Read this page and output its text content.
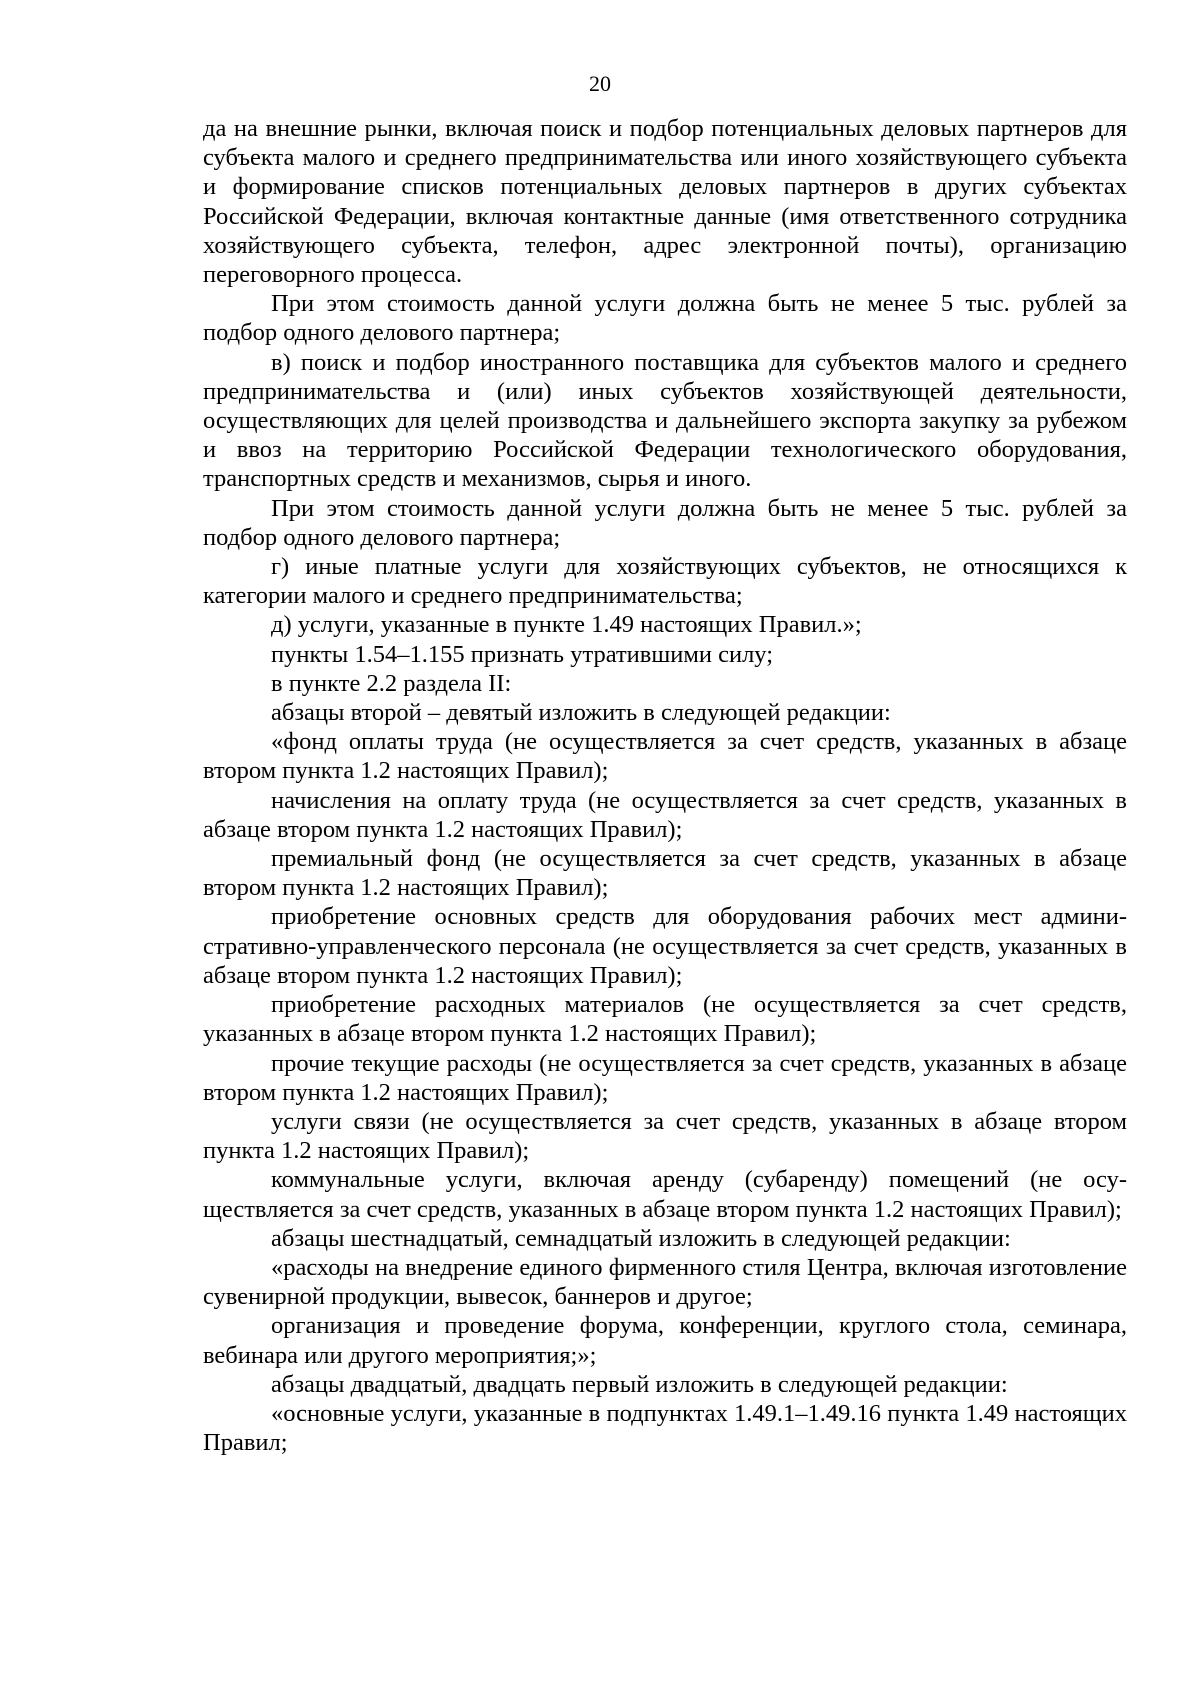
20

да на внешние рынки, включая поиск и подбор потенциальных деловых партнеров для субъекта малого и среднего предпринимательства или иного хозяйствующего субъекта и формирование списков потенциальных деловых партнеров в других субъектах Российской Федерации, включая контактные данные (имя ответственного сотрудника хозяйствующего субъекта, телефон, адрес электронной почты), организацию переговорного процесса.

При этом стоимость данной услуги должна быть не менее 5 тыс. рублей за подбор одного делового партнера;

в) поиск и подбор иностранного поставщика для субъектов малого и среднего предпринимательства и (или) иных субъектов хозяйствующей деятельности, осуществляющих для целей производства и дальнейшего экспорта закупку за рубежом и ввоз на территорию Российской Федерации технологического оборудования, транспортных средств и механизмов, сырья и иного.

При этом стоимость данной услуги должна быть не менее 5 тыс. рублей за подбор одного делового партнера;

г) иные платные услуги для хозяйствующих субъектов, не относящихся к категории малого и среднего предпринимательства;

д) услуги, указанные в пункте 1.49 настоящих Правил.»;

пункты 1.54–1.155 признать утратившими силу;

в пункте 2.2 раздела II:

абзацы второй – девятый изложить в следующей редакции:

«фонд оплаты труда (не осуществляется за счет средств, указанных в абзаце втором пункта 1.2 настоящих Правил);

начисления на оплату труда (не осуществляется за счет средств, указанных в абзаце втором пункта 1.2 настоящих Правил);

премиальный фонд (не осуществляется за счет средств, указанных в абзаце втором пункта 1.2 настоящих Правил);

приобретение основных средств для оборудования рабочих мест административно-управленческого персонала (не осуществляется за счет средств, указанных в абзаце втором пункта 1.2 настоящих Правил);

приобретение расходных материалов (не осуществляется за счет средств, указанных в абзаце втором пункта 1.2 настоящих Правил);

прочие текущие расходы (не осуществляется за счет средств, указанных в абзаце втором пункта 1.2 настоящих Правил);

услуги связи (не осуществляется за счет средств, указанных в абзаце втором пункта 1.2 настоящих Правил);

коммунальные услуги, включая аренду (субаренду) помещений (не осуществляется за счет средств, указанных в абзаце втором пункта 1.2 настоящих Правил);

абзацы шестнадцатый, семнадцатый изложить в следующей редакции:

«расходы на внедрение единого фирменного стиля Центра, включая изготовление сувенирной продукции, вывесок, баннеров и другое;

организация и проведение форума, конференции, круглого стола, семинара, вебинара или другого мероприятия;»;

абзацы двадцатый, двадцать первый изложить в следующей редакции:

«основные услуги, указанные в подпунктах 1.49.1–1.49.16 пункта 1.49 настоящих Правил;
